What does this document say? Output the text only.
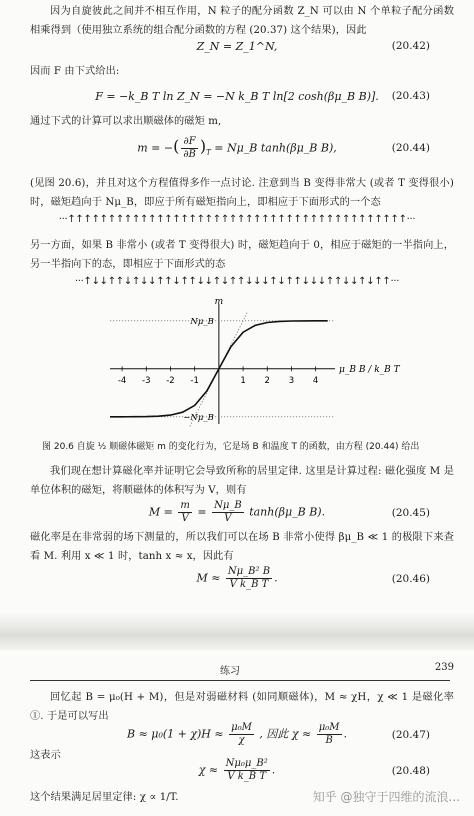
因为自旋彼此之间并不相互作用，N 粒子的配分函数 Z_N 可以由 N 个单粒子配分函数相乘得到（使用独立系统的组合配分函数的方程 (20.37) 这个结果)，因此
Z_N = Z_1^N,	(20.42)
因而 F 由下式给出:
F = −k_B T ln Z_N = −N k_B T ln[2 cosh(βμ_B B)].	(20.43)
通过下式的计算可以求出顺磁体的磁矩 m,
m = −( $\frac{\partial F}{\partial B} )_T$ = Nμ_B tanh(βμ_B B),	(20.44)
(见图 20.6)，并且对这个方程值得多作一点讨论. 注意到当 B 变得非常大 (或者 T 变得很小) 时，磁矩趋向于 Nμ_B，即应于所有磁矩指向上，即相应于下面形式的一个态
···↑↑↑↑↑↑↑↑↑↑↑↑↑↑↑↑↑↑↑↑↑↑↑↑↑↑↑↑↑↑↑↑↑↑↑↑↑↑↑↑↑↑···
另一方面，如果 B 非常小 (或者 T 变得很大) 时，磁矩趋向于 0，相应于磁矩的一半指向上，另一半指向下的态，即相应于下面形式的态
···↑↓↓↑↑↓↑↓↓↑↑↓↑↑↓↓↑↓↑↑↓↓↓↑↓↑↑↓↓↓↑↑↓↓↑↓↑↑···
-4 -3 -2 -1	1 2 3 4
Nμ_B
−Nμ_B
m
μ_B B / k_B T
图 20.6 自旋 ½ 顺磁体磁矩 m 的变化行为，它是场 B 和温度 T 的函数，由方程 (20.44) 给出
我们现在想计算磁化率并证明它会导致所称的居里定律. 这里是计算过程: 磁化强度 M 是单位体积的磁矩，将顺磁体的体积写为 V，则有
$M = \frac{m}{V} = \frac{N\mu\_B}{V}$ tanh(βμ_B B).	(20.45)
磁化率是在非常弱的场下测量的，所以我们可以在场 B 非常小使得 βμ_B ≪ 1 的极限下来查看 M. 利用 x ≪ 1 时，tanh x ≈ x，因此有
$M \approx \frac{\text{Nμ\_B² B}}{\text{V k\_B T}}$ .	(20.46)
练习	239
回忆起 B = μ₀(H + M)，但是对弱磁材料 (如同顺磁体)，M ≈ χH，χ ≪ 1 是磁化率①. 于是可以写出
$B \approx \mu_0(1 + \chi)H \approx \frac{\text{μ₀M}}{\chi}$ , 因此 $\chi \approx \frac{\text{μ₀M}}{B}$ .	(20.47)
这表示
$\chi \approx \frac{\text{Nμ₀μ\_B²}}{\text{V k\_B T}}$ .	(20.48)
这个结果满足居里定律: χ ∝ 1/T.	知乎 @独守于四维的流浪...
